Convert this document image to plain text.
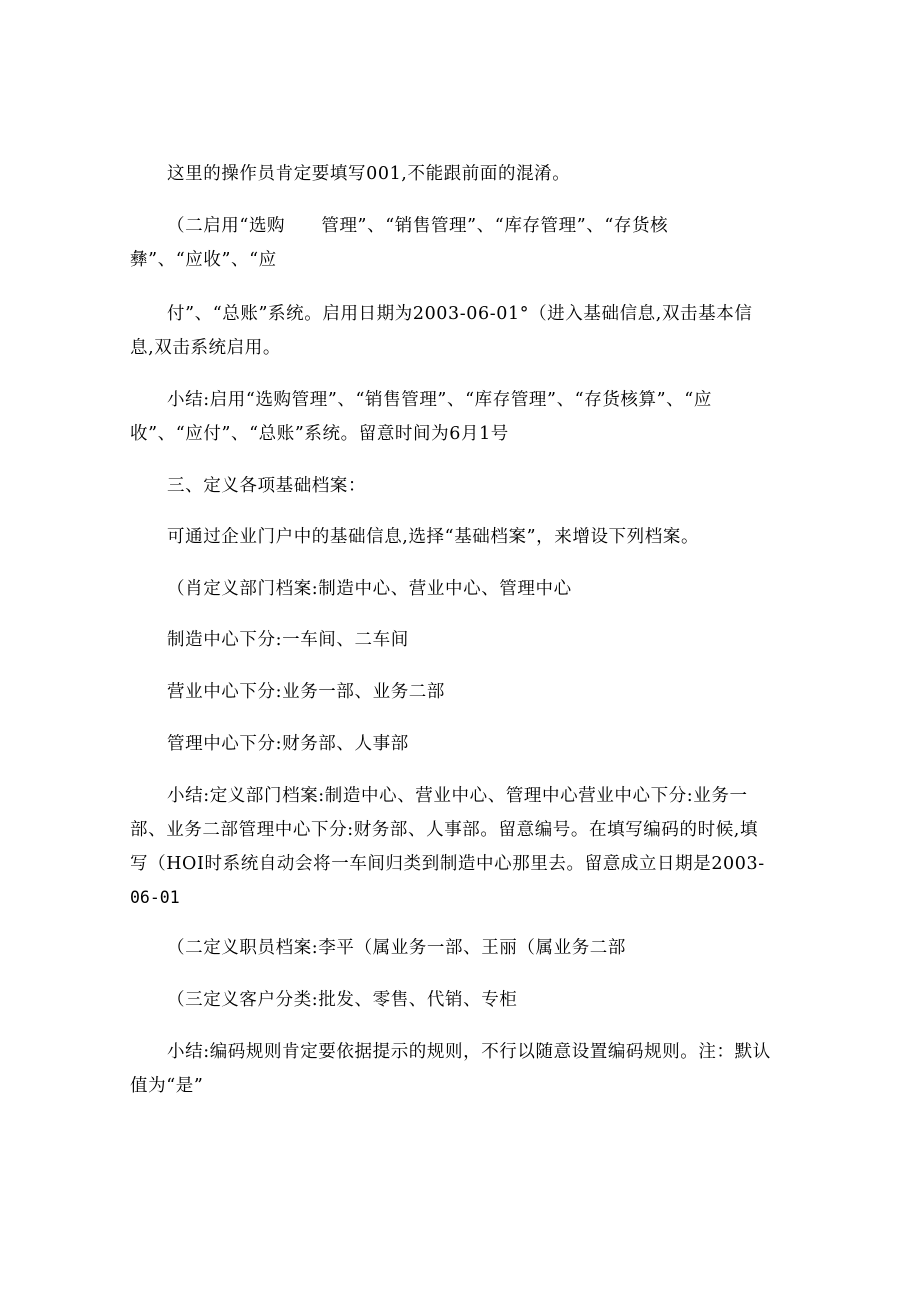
这里的操作员肯定要填写001,不能跟前面的混淆。

（二启用“选购　　管理”、“销售管理”、“库存管理”、“存货核

彝”、“应收”、“应

付”、“总账”系统。启用日期为2003-06-01°（进入基础信息,双击基本信

息,双击系统启用。

小结:启用“选购管理”、“销售管理”、“库存管理”、“存货核算”、“应

收”、“应付”、“总账”系统。留意时间为6月1号

三、定义各项基础档案：

可通过企业门户中的基础信息,选择“基础档案”，来增设下列档案。

（肖定义部门档案:制造中心、营业中心、管理中心

制造中心下分:一车间、二车间

营业中心下分:业务一部、业务二部

管理中心下分:财务部、人事部

小结:定义部门档案:制造中心、营业中心、管理中心营业中心下分:业务一

部、业务二部管理中心下分:财务部、人事部。留意编号。在填写编码的时候,填

写（HOI时系统自动会将一车间归类到制造中心那里去。留意成立日期是2003-

06-01

（二定义职员档案:李平（属业务一部、王丽（属业务二部

（三定义客户分类:批发、零售、代销、专柜

小结:编码规则肯定要依据提示的规则，不行以随意设置编码规则。注：默认

值为“是”
